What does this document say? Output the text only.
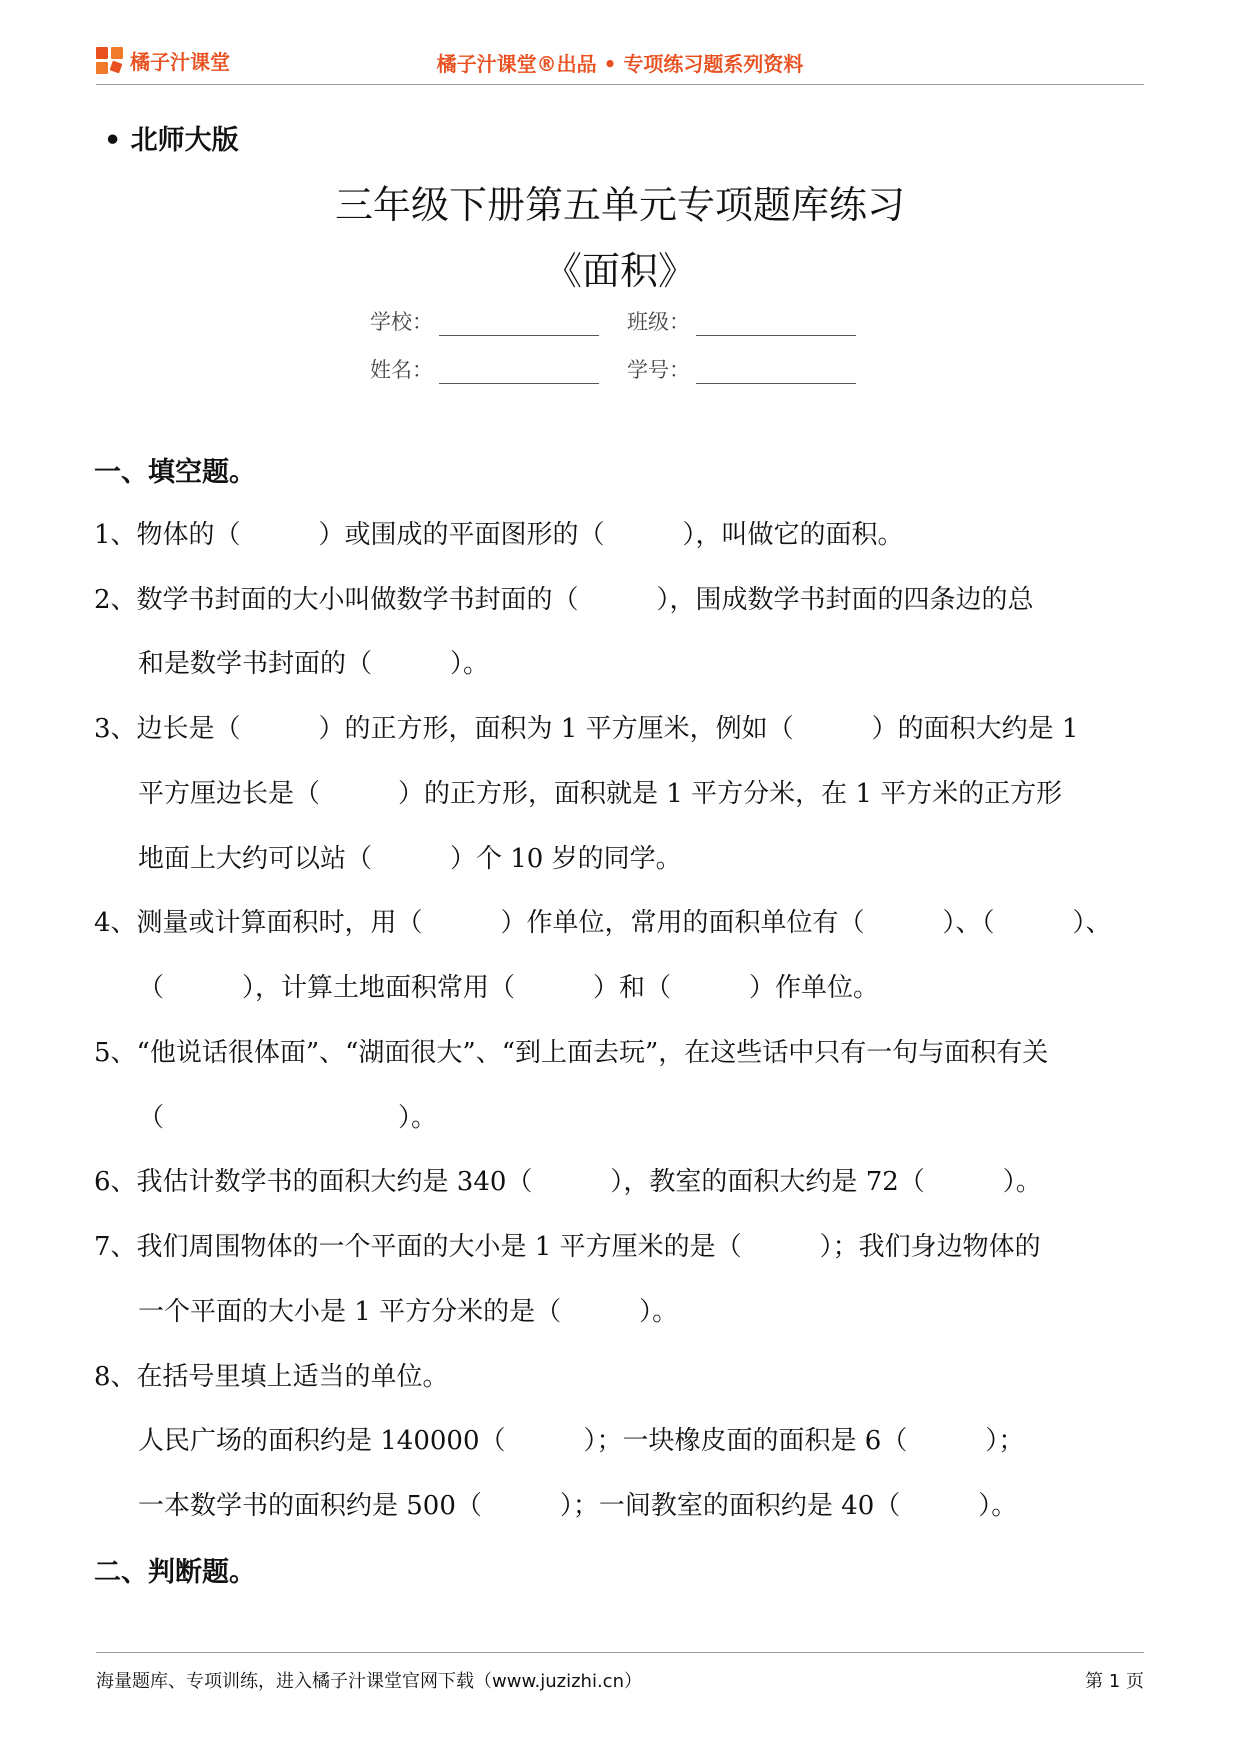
橘子汁课堂	橘子汁课堂®出品 • 专项练习题系列资料
• 北师大版
三年级下册第五单元专项题库练习
《面积》
学校：	班级：
姓名：	学号：
一、填空题。
1、物体的（　　　）或围成的平面图形的（　　　），叫做它的面积。
2、数学书封面的大小叫做数学书封面的（　　　），围成数学书封面的四条边的总
和是数学书封面的（　　　）。
3、边长是（　　　）的正方形，面积为 1 平方厘米，例如（　　　）的面积大约是 1
平方厘边长是（　　　）的正方形，面积就是 1 平方分米，在 1 平方米的正方形
地面上大约可以站（　　　）个 10 岁的同学。
4、测量或计算面积时，用（　　　）作单位，常用的面积单位有（　　　）、（　　　）、
（　　　），计算土地面积常用（　　　）和（　　　）作单位。
5、“他说话很体面”、“湖面很大”、“到上面去玩”，在这些话中只有一句与面积有关
（　　　　　　　　　）。
6、我估计数学书的面积大约是 340（　　　），教室的面积大约是 72（　　　）。
7、我们周围物体的一个平面的大小是 1 平方厘米的是（　　　）；我们身边物体的
一个平面的大小是 1 平方分米的是（　　　）。
8、在括号里填上适当的单位。
人民广场的面积约是 140000（　　　）；一块橡皮面的面积是 6（　　　）；
一本数学书的面积约是 500（　　　）；一间教室的面积约是 40（　　　）。
二、判断题。
海量题库、专项训练，进入橘子汁课堂官网下载（www.juzizhi.cn）	第 1 页
